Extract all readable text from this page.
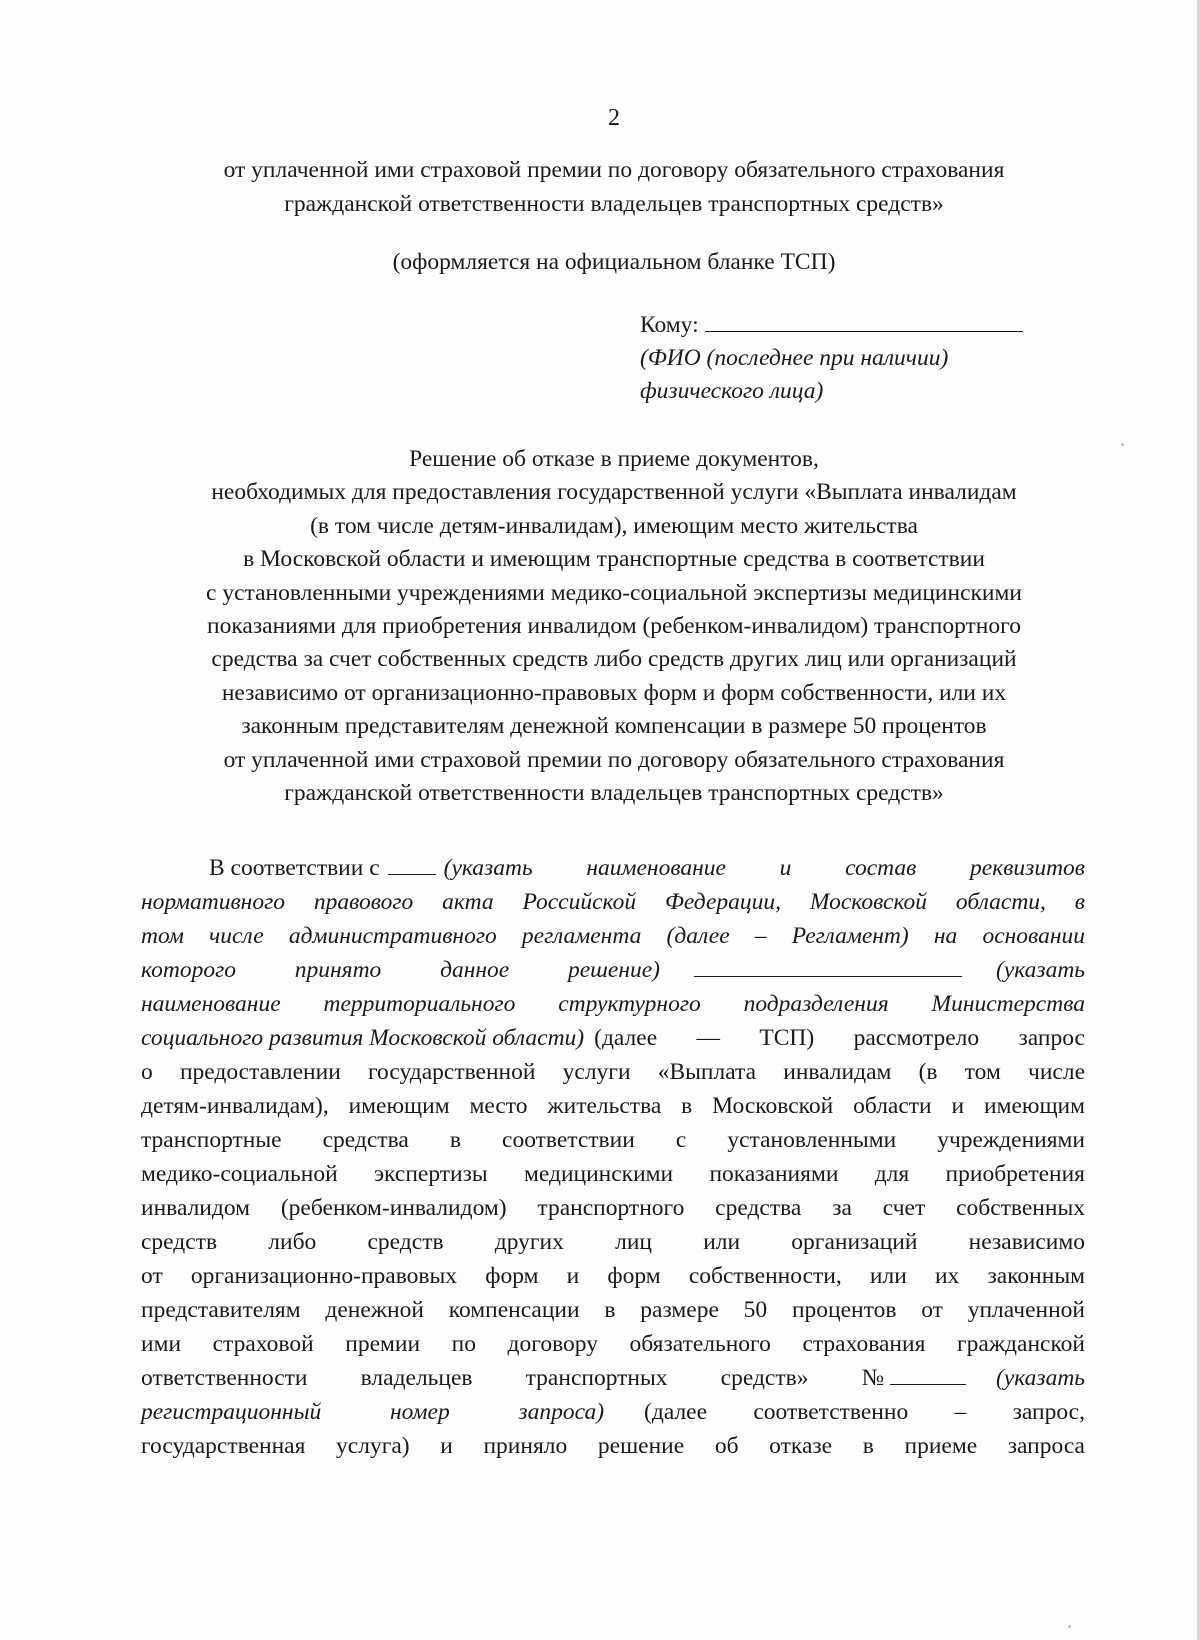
2
от уплаченной ими страховой премии по договору обязательного страхования
гражданской ответственности владельцев транспортных средств»
(оформляется на официальном бланке ТСП)
Кому:
(ФИО (последнее при наличии)
физического лица)
Решение об отказе в приеме документов,
необходимых для предоставления государственной услуги «Выплата инвалидам
(в том числе детям-инвалидам), имеющим место жительства
в Московской области и имеющим транспортные средства в соответствии
с установленными учреждениями медико-социальной экспертизы медицинскими
показаниями для приобретения инвалидом (ребенком-инвалидом) транспортного
средства за счет собственных средств либо средств других лиц или организаций
независимо от организационно-правовых форм и форм собственности, или их
законным представителям денежной компенсации в размере 50 процентов
от уплаченной ими страховой премии по договору обязательного страхования
гражданской ответственности владельцев транспортных средств»
В соответствии с	(указать наименование и состав реквизитов
нормативного правового акта Российской Федерации, Московской области, в
том числе административного регламента (далее – Регламент) на основании
которого принято данное решение)	(указать
наименование территориального структурного подразделения Министерства
социального развития Московской области) (далее — ТСП) рассмотрело запрос
о предоставлении государственной услуги «Выплата инвалидам (в том числе
детям-инвалидам), имеющим место жительства в Московской области и имеющим
транспортные средства в соответствии с установленными учреждениями
медико-социальной экспертизы медицинскими показаниями для приобретения
инвалидом (ребенком-инвалидом) транспортного средства за счет собственных
средств либо средств других лиц или организаций независимо
от организационно-правовых форм и форм собственности, или их законным
представителям денежной компенсации в размере 50 процентов от уплаченной
ими страховой премии по договору обязательного страхования гражданской
ответственности владельцев транспортных средств» №	(указать
регистрационный номер запроса) (далее соответственно – запрос,
государственная услуга) и приняло решение об отказе в приеме запроса
